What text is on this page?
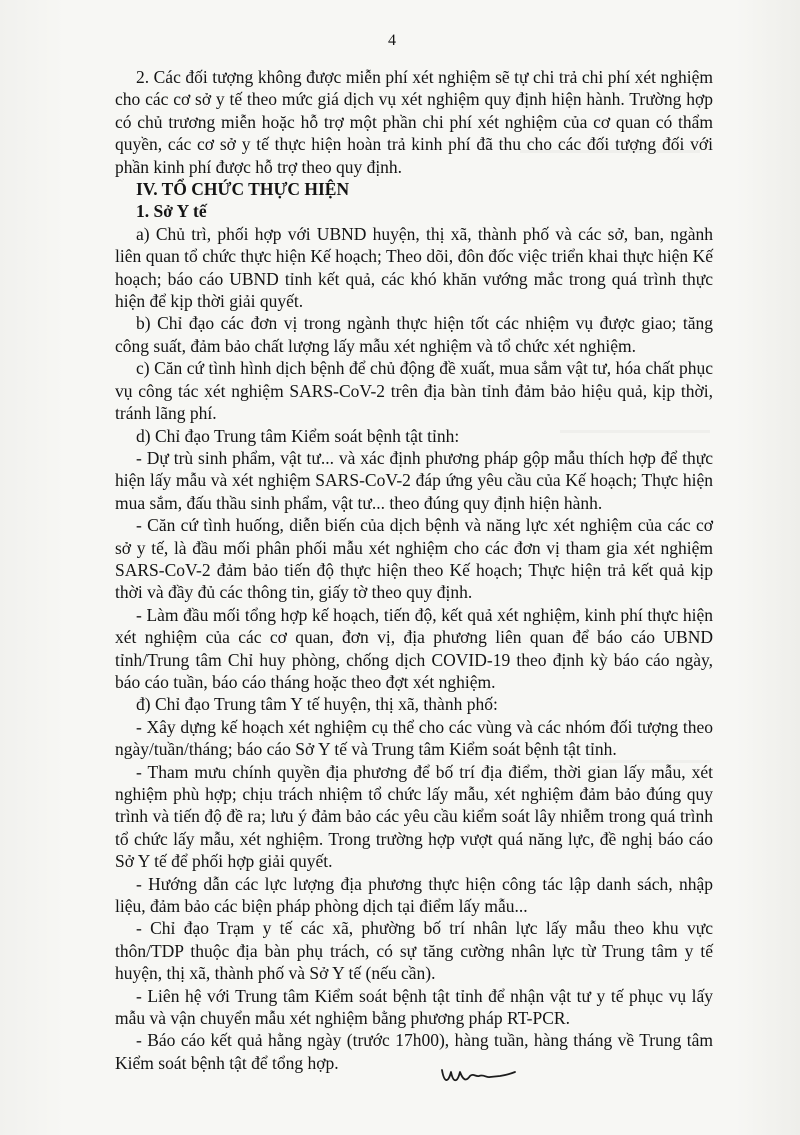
4

2. Các đối tượng không được miễn phí xét nghiệm sẽ tự chi trả chi phí xét nghiệm cho các cơ sở y tế theo mức giá dịch vụ xét nghiệm quy định hiện hành. Trường hợp có chủ trương miễn hoặc hỗ trợ một phần chi phí xét nghiệm của cơ quan có thẩm quyền, các cơ sở y tế thực hiện hoàn trả kinh phí đã thu cho các đối tượng đối với phần kinh phí được hỗ trợ theo quy định.

IV. TỔ CHỨC THỰC HIỆN

1. Sở Y tế

a) Chủ trì, phối hợp với UBND huyện, thị xã, thành phố và các sở, ban, ngành liên quan tổ chức thực hiện Kế hoạch; Theo dõi, đôn đốc việc triển khai thực hiện Kế hoạch; báo cáo UBND tỉnh kết quả, các khó khăn vướng mắc trong quá trình thực hiện để kịp thời giải quyết.

b) Chỉ đạo các đơn vị trong ngành thực hiện tốt các nhiệm vụ được giao; tăng công suất, đảm bảo chất lượng lấy mẫu xét nghiệm và tổ chức xét nghiệm.

c) Căn cứ tình hình dịch bệnh để chủ động đề xuất, mua sắm vật tư, hóa chất phục vụ công tác xét nghiệm SARS-CoV-2 trên địa bàn tỉnh đảm bảo hiệu quả, kịp thời, tránh lãng phí.

d) Chỉ đạo Trung tâm Kiểm soát bệnh tật tỉnh:

- Dự trù sinh phẩm, vật tư... và xác định phương pháp gộp mẫu thích hợp để thực hiện lấy mẫu và xét nghiệm SARS-CoV-2 đáp ứng yêu cầu của Kế hoạch; Thực hiện mua sắm, đấu thầu sinh phẩm, vật tư... theo đúng quy định hiện hành.

- Căn cứ tình huống, diễn biến của dịch bệnh và năng lực xét nghiệm của các cơ sở y tế, là đầu mối phân phối mẫu xét nghiệm cho các đơn vị tham gia xét nghiệm SARS-CoV-2 đảm bảo tiến độ thực hiện theo Kế hoạch; Thực hiện trả kết quả kịp thời và đầy đủ các thông tin, giấy tờ theo quy định.

- Làm đầu mối tổng hợp kế hoạch, tiến độ, kết quả xét nghiệm, kinh phí thực hiện xét nghiệm của các cơ quan, đơn vị, địa phương liên quan để báo cáo UBND tỉnh/Trung tâm Chỉ huy phòng, chống dịch COVID-19 theo định kỳ báo cáo ngày, báo cáo tuần, báo cáo tháng hoặc theo đợt xét nghiệm.

đ) Chỉ đạo Trung tâm Y tế huyện, thị xã, thành phố:

- Xây dựng kế hoạch xét nghiệm cụ thể cho các vùng và các nhóm đối tượng theo ngày/tuần/tháng; báo cáo Sở Y tế và Trung tâm Kiểm soát bệnh tật tỉnh.

- Tham mưu chính quyền địa phương để bố trí địa điểm, thời gian lấy mẫu, xét nghiệm phù hợp; chịu trách nhiệm tổ chức lấy mẫu, xét nghiệm đảm bảo đúng quy trình và tiến độ đề ra; lưu ý đảm bảo các yêu cầu kiểm soát lây nhiễm trong quá trình tổ chức lấy mẫu, xét nghiệm. Trong trường hợp vượt quá năng lực, đề nghị báo cáo Sở Y tế để phối hợp giải quyết.

- Hướng dẫn các lực lượng địa phương thực hiện công tác lập danh sách, nhập liệu, đảm bảo các biện pháp phòng dịch tại điểm lấy mẫu...

- Chỉ đạo Trạm y tế các xã, phường bố trí nhân lực lấy mẫu theo khu vực thôn/TDP thuộc địa bàn phụ trách, có sự tăng cường nhân lực từ Trung tâm y tế huyện, thị xã, thành phố và Sở Y tế (nếu cần).

- Liên hệ với Trung tâm Kiểm soát bệnh tật tỉnh để nhận vật tư y tế phục vụ lấy mẫu và vận chuyển mẫu xét nghiệm bằng phương pháp RT-PCR.

- Báo cáo kết quả hằng ngày (trước 17h00), hàng tuần, hàng tháng về Trung tâm Kiểm soát bệnh tật để tổng hợp.
